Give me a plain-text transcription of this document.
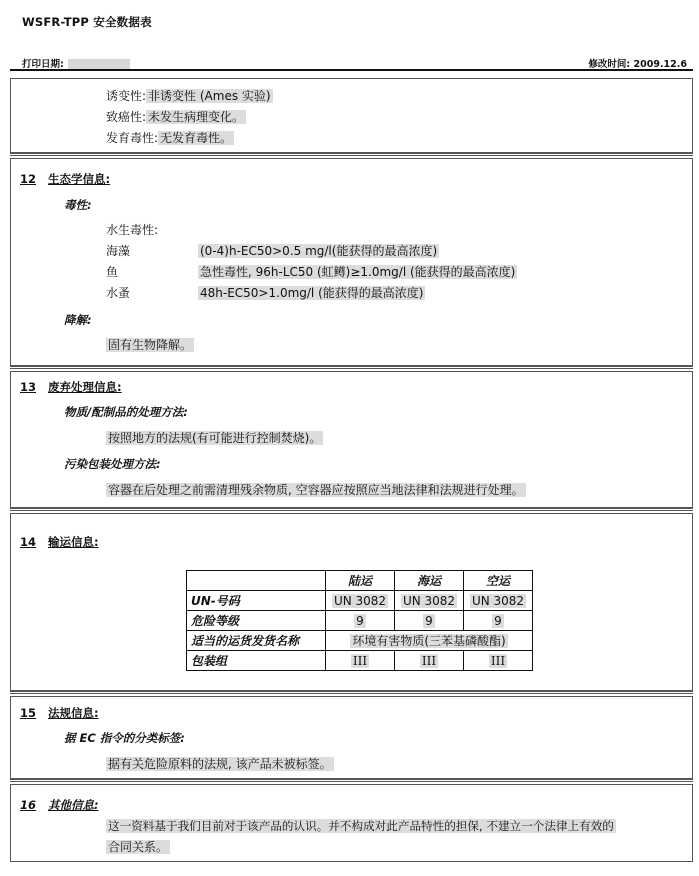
WSFR-TPP 安全数据表
打印日期:	修改时间: 2009.12.6
诱变性: 非诱变性 (Ames 实验)
致癌性: 未发生病理变化。
发育毒性: 无发育毒性。
12 生态学信息:
毒性:
水生毒性:
海藻	(0-4)h-EC50>0.5 mg/l(能获得的最高浓度)
鱼	急性毒性, 96h-LC50 (虹鳟)≥1.0mg/l (能获得的最高浓度)
水蚤	48h-EC50>1.0mg/l (能获得的最高浓度)
降解:
固有生物降解。
13 废弃处理信息:
物质/配制品的处理方法:
按照地方的法规(有可能进行控制焚烧)。
污染包装处理方法:
容器在后处理之前需清理残余物质, 空容器应按照应当地法律和法规进行处理。
14 输运信息:
	陆运	海运	空运
UN-号码	UN 3082	UN 3082	UN 3082
危险等级	9	9	9
适当的运货发货名称	环境有害物质(三苯基磷酸酯)		
包装组	III	III	III
15 法规信息:
据 EC 指令的分类标签:
据有关危险原料的法规, 该产品未被标签。
16 其他信息:
这一资料基于我们目前对于该产品的认识。并不构成对此产品特性的担保, 不建立一个法律上有效的
合同关系。
